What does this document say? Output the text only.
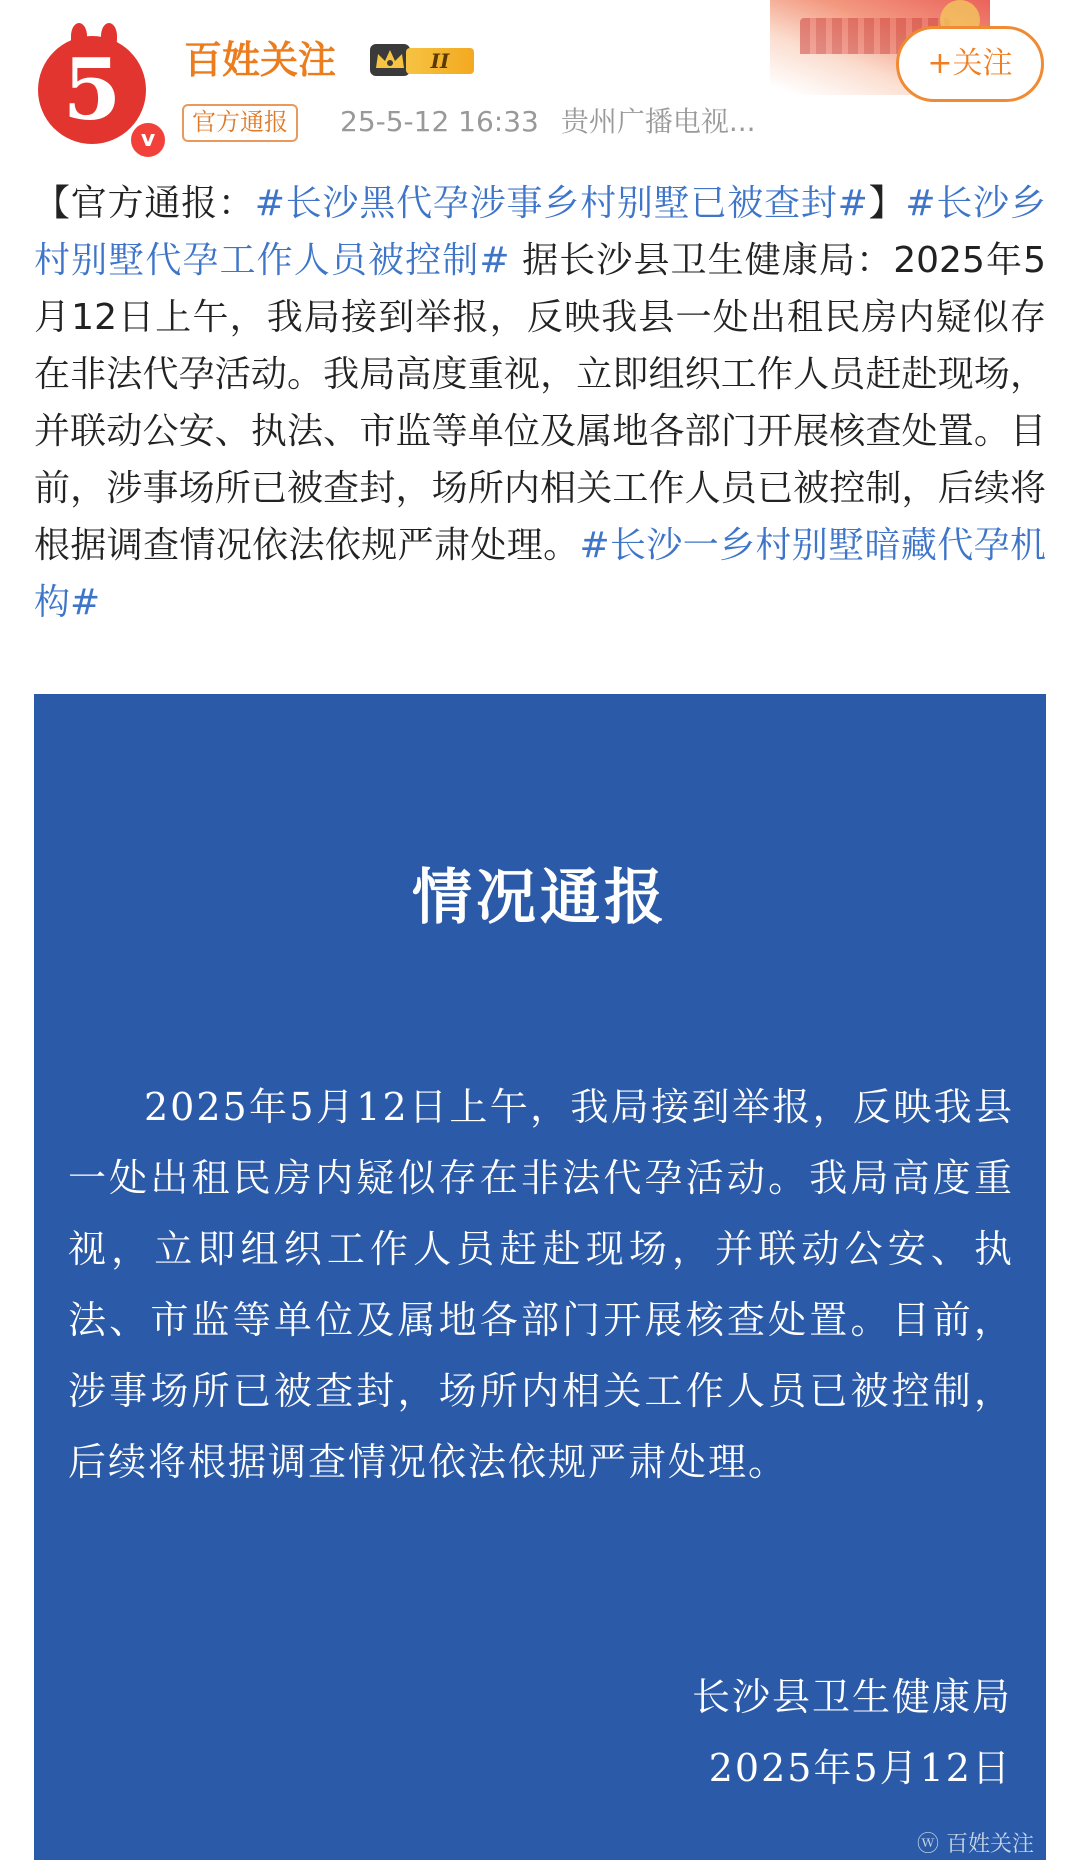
5
v
百姓关注	II	+关注
官方通报	25-5-12 16:33 贵州广播电视...
【官方通报：#长沙黑代孕涉事乡村别墅已被查封#】#长沙乡村别墅代孕工作人员被控制# 据长沙县卫生健康局：2025年5月12日上午，我局接到举报，反映我县一处出租民房内疑似存在非法代孕活动。我局高度重视，立即组织工作人员赶赴现场，并联动公安、执法、市监等单位及属地各部门开展核查处置。目前，涉事场所已被查封，场所内相关工作人员已被控制，后续将根据调查情况依法依规严肃处理。#长沙一乡村别墅暗藏代孕机构#
情况通报
2025年5月12日上午，我局接到举报，反映我县一处出租民房内疑似存在非法代孕活动。我局高度重视，立即组织工作人员赶赴现场，并联动公安、执法、市监等单位及属地各部门开展核查处置。目前，涉事场所已被查封，场所内相关工作人员已被控制，后续将根据调查情况依法依规严肃处理。
长沙县卫生健康局
2025年5月12日
ⓦ 百姓关注
